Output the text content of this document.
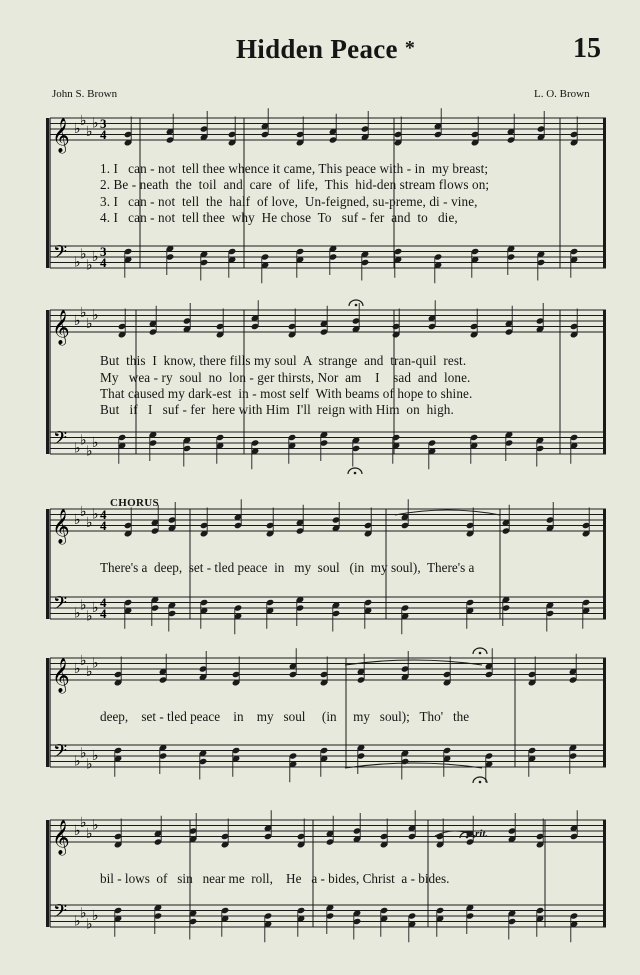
Hidden Peace *	15
John S. Brown	L. O. Brown
𝄞 ♭
♭
♭
♭ 3
4
𝄢 ♭
♭
♭
♭ 3
4
𝄞 ♭
♭
♭
♭
𝄢 ♭
♭
♭
♭
𝄞 ♭
♭
♭
♭ 4
4
𝄢 ♭
♭
♭
♭ 4
4
𝄞 ♭
♭
♭
♭
𝄢 ♭
♭
♭
♭
𝄞 ♭
♭
♭
♭
𝄢 ♭
♭
♭
♭
1. I   can - not  tell thee whence it came, This peace with - in  my breast;
2. Be - neath  the  toil  and  care  of  life,  This  hid-den stream flows on;
3. I   can - not  tell  the  half  of love,  Un-feigned, su-preme, di - vine,
4. I   can - not  tell thee  why  He chose  To   suf - fer  and  to   die,
But  this  I  know, there fills my soul  A  strange  and  tran-quil  rest.
My   wea - ry  soul  no  lon - ger thirsts, Nor  am    I    sad  and  lone.
That caused my dark-est  in - most self  With beams of hope to shine.
But   if   I   suf - fer  here with Him  I'll  reign with Him  on  high.
CHORUS
There's a  deep,  set - tled peace  in   my  soul   (in  my soul),  There's a
deep,    set - tled peace    in    my   soul     (in     my   soul);   Tho'   the
bil - lows  of   sin   near me  roll,    He   a - bides, Christ  a - bides.
rit.
